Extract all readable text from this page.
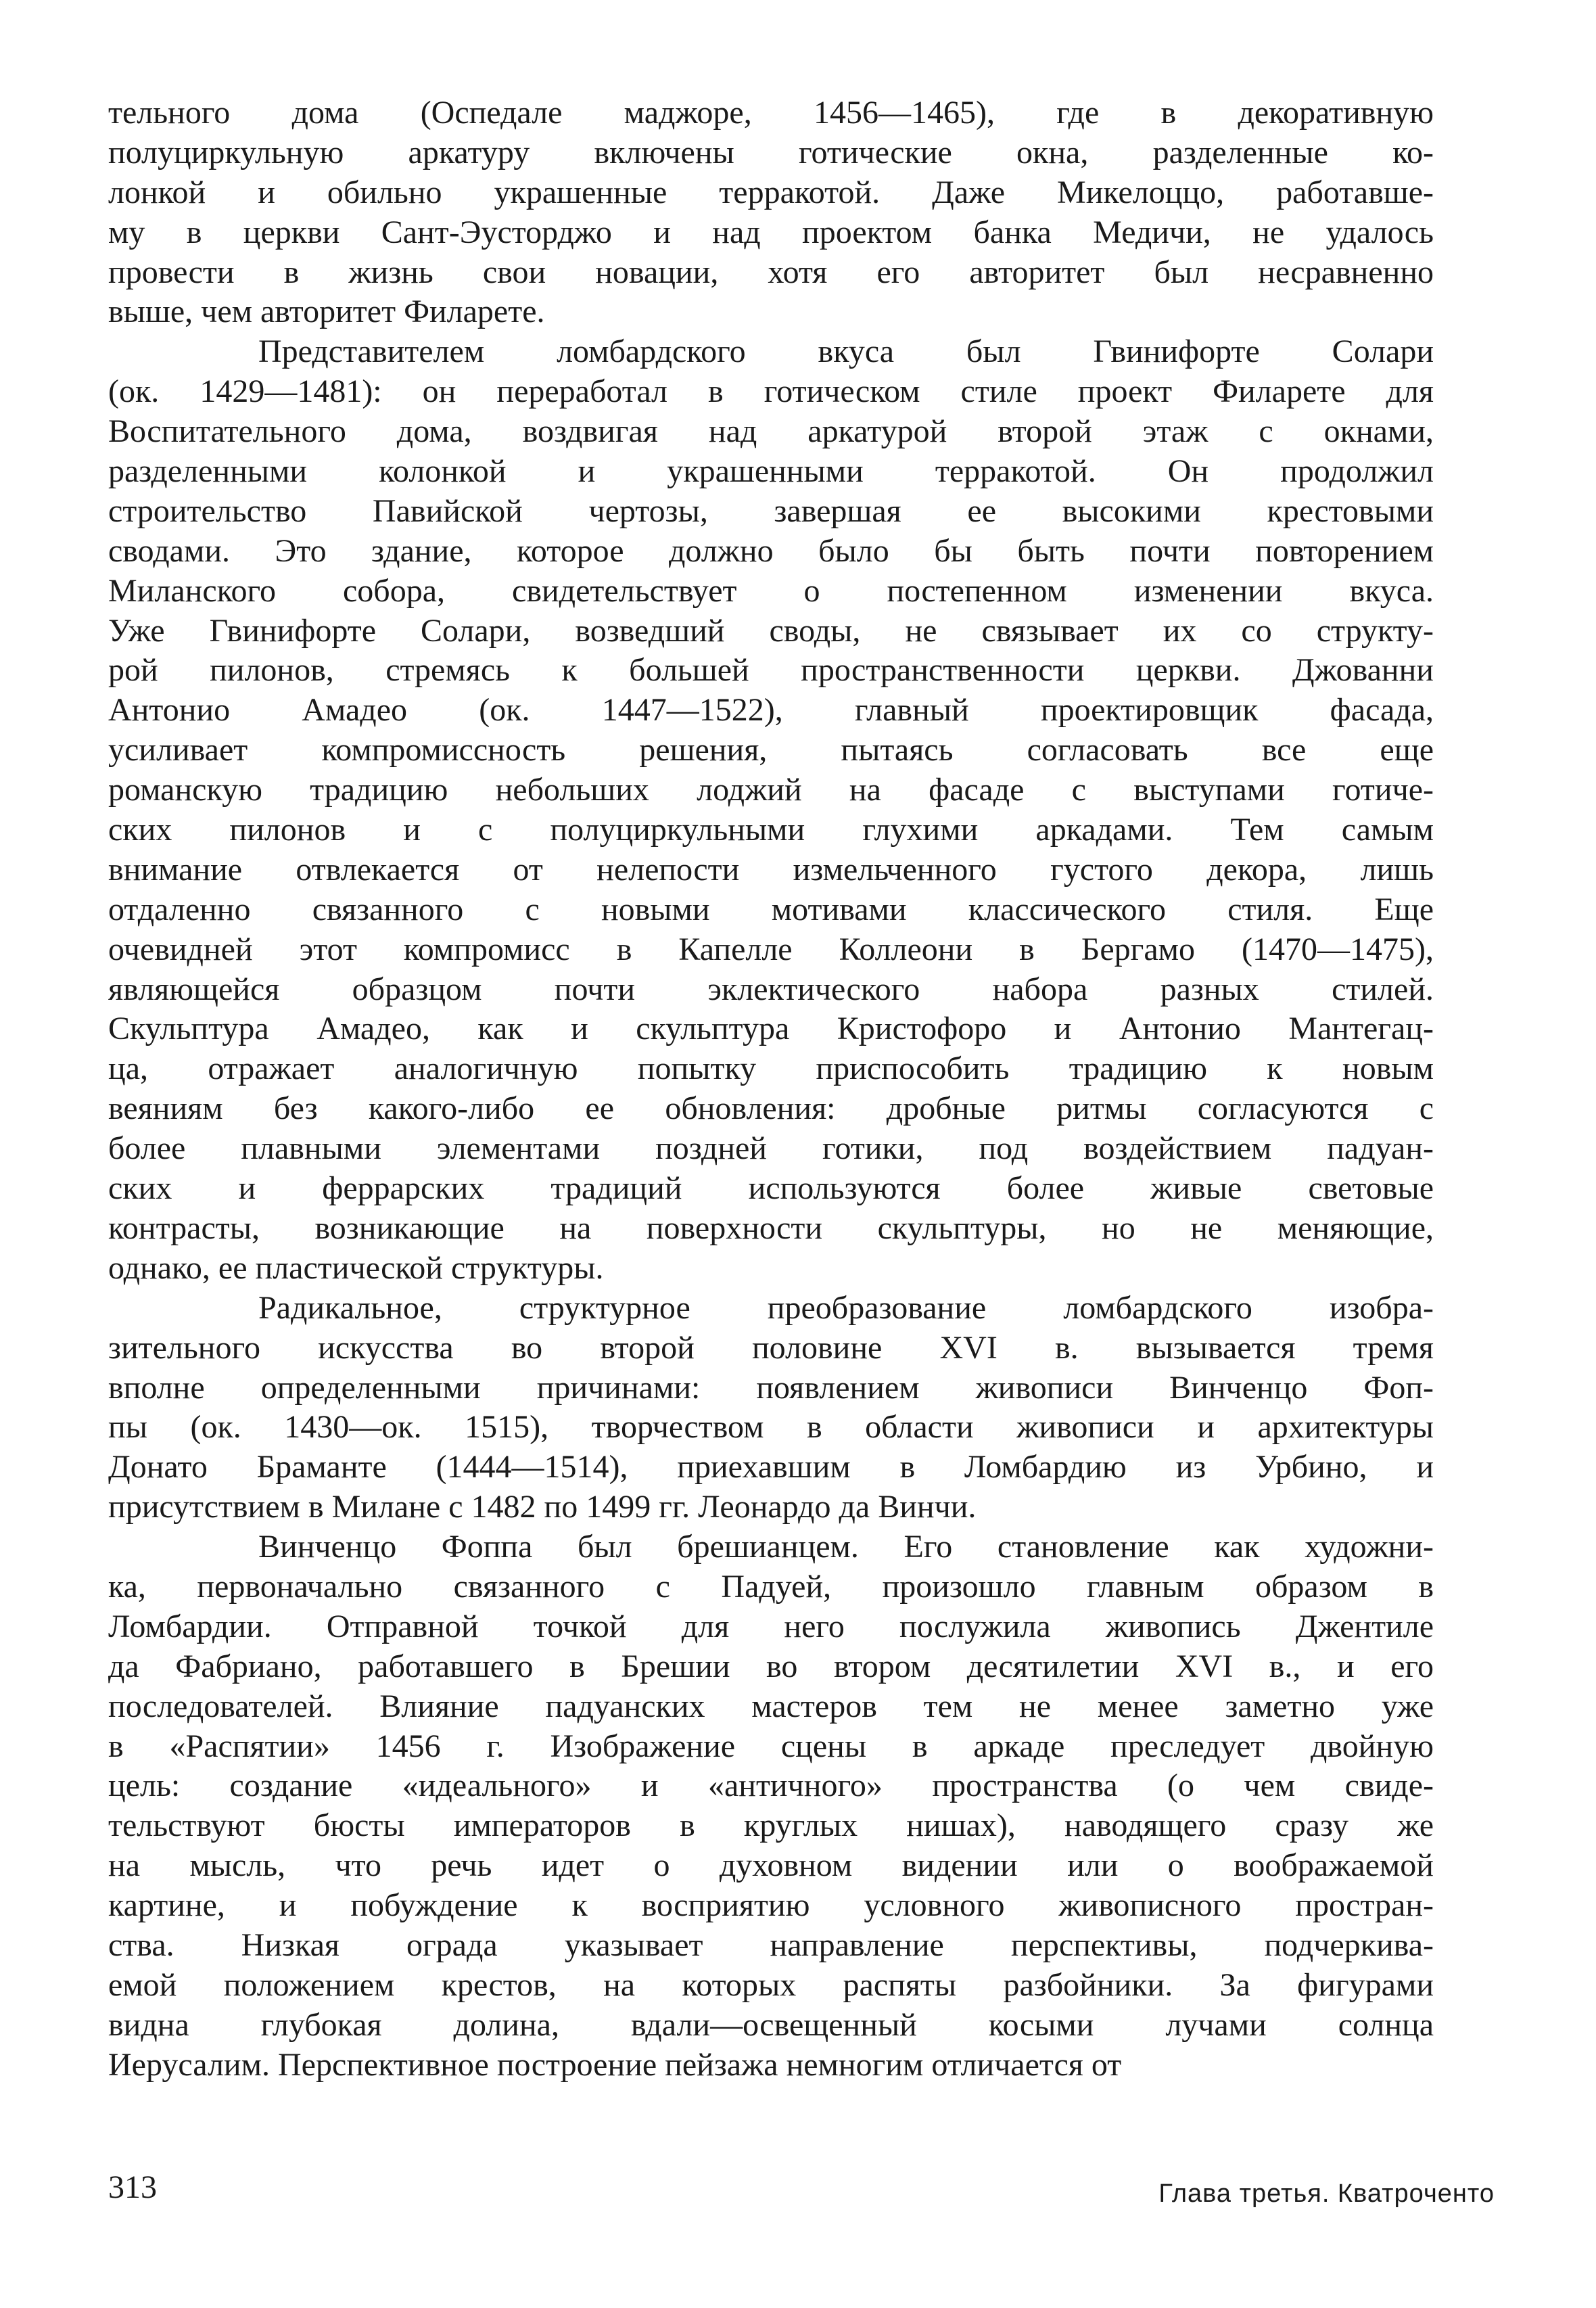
тельного дома (Оспедале маджоре, 1456—1465), где в декоративную
полуциркульную аркатуру включены готические окна, разделенные ко-
лонкой и обильно украшенные терракотой. Даже Микелоццо, работавше-
му в церкви Сант-Эусторджо и над проектом банка Медичи, не удалось
провести в жизнь свои новации, хотя его авторитет был несравненно
выше, чем авторитет Филарете.
Представителем ломбардского вкуса был Гвинифорте Солари
(ок. 1429—1481): он переработал в готическом стиле проект Филарете для
Воспитательного дома, воздвигая над аркатурой второй этаж с окнами,
разделенными колонкой и украшенными терракотой. Он продолжил
строительство Павийской чертозы, завершая ее высокими крестовыми
сводами. Это здание, которое должно было бы быть почти повторением
Миланского собора, свидетельствует о постепенном изменении вкуса.
Уже Гвинифорте Солари, возведший своды, не связывает их со структу-
рой пилонов, стремясь к большей пространственности церкви. Джованни
Антонио Амадео (ок. 1447—1522), главный проектировщик фасада,
усиливает компромиссность решения, пытаясь согласовать все еще
романскую традицию небольших лоджий на фасаде с выступами готиче-
ских пилонов и с полуциркульными глухими аркадами. Тем самым
внимание отвлекается от нелепости измельченного густого декора, лишь
отдаленно связанного с новыми мотивами классического стиля. Еще
очевидней этот компромисс в Капелле Коллеони в Бергамо (1470—1475),
являющейся образцом почти эклектического набора разных стилей.
Скульптура Амадео, как и скульптура Кристофоро и Антонио Мантегац-
ца, отражает аналогичную попытку приспособить традицию к новым
веяниям без какого-либо ее обновления: дробные ритмы согласуются с
более плавными элементами поздней готики, под воздействием падуан-
ских и феррарских традиций используются более живые световые
контрасты, возникающие на поверхности скульптуры, но не меняющие,
однако, ее пластической структуры.
Радикальное, структурное преобразование ломбардского изобра-
зительного искусства во второй половине XVI в. вызывается тремя
вполне определенными причинами: появлением живописи Винченцо Фоп-
пы (ок. 1430—ок. 1515), творчеством в области живописи и архитектуры
Донато Браманте (1444—1514), приехавшим в Ломбардию из Урбино, и
присутствием в Милане с 1482 по 1499 гг. Леонардо да Винчи.
Винченцо Фоппа был брешианцем. Его становление как художни-
ка, первоначально связанного с Падуей, произошло главным образом в
Ломбардии. Отправной точкой для него послужила живопись Джентиле
да Фабриано, работавшего в Брешии во втором десятилетии XVI в., и его
последователей. Влияние падуанских мастеров тем не менее заметно уже
в «Распятии» 1456 г. Изображение сцены в аркаде преследует двойную
цель: создание «идеального» и «античного» пространства (о чем свиде-
тельствуют бюсты императоров в круглых нишах), наводящего сразу же
на мысль, что речь идет о духовном видении или о воображаемой
картине, и побуждение к восприятию условного живописного простран-
ства. Низкая ограда указывает направление перспективы, подчеркива-
емой положением крестов, на которых распяты разбойники. За фигурами
видна глубокая долина, вдали—освещенный косыми лучами солнца
Иерусалим. Перспективное построение пейзажа немногим отличается от
313	Глава третья. Кватроченто
